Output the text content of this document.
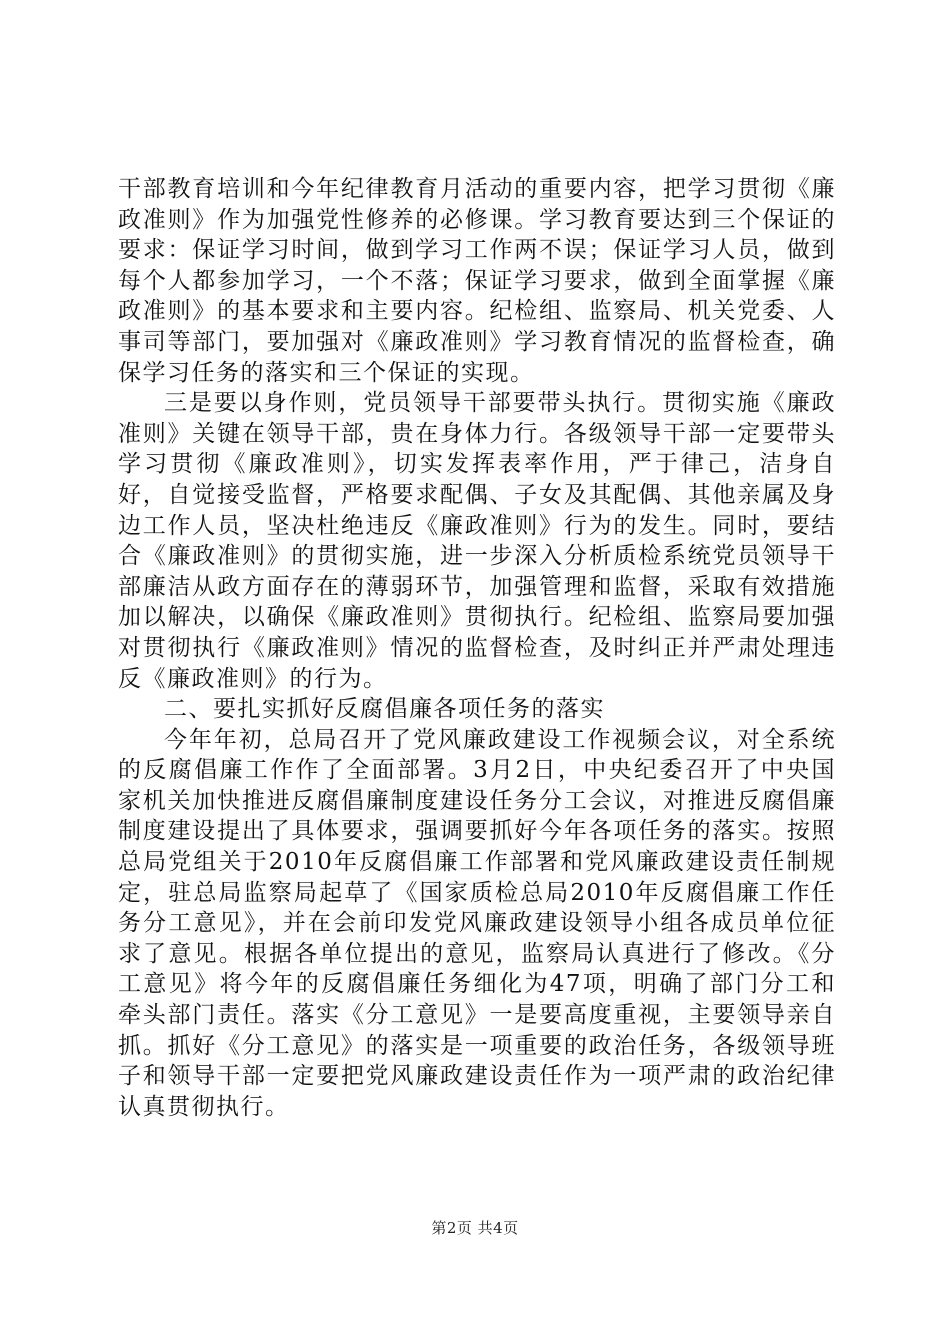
干部教育培训和今年纪律教育月活动的重要内容，把学习贯彻《廉政准则》作为加强党性修养的必修课。学习教育要达到三个保证的要求：保证学习时间，做到学习工作两不误；保证学习人员，做到每个人都参加学习，一个不落；保证学习要求，做到全面掌握《廉政准则》的基本要求和主要内容。纪检组、监察局、机关党委、人事司等部门，要加强对《廉政准则》学习教育情况的监督检查，确保学习任务的落实和三个保证的实现。

三是要以身作则，党员领导干部要带头执行。贯彻实施《廉政准则》关键在领导干部，贵在身体力行。各级领导干部一定要带头学习贯彻《廉政准则》，切实发挥表率作用，严于律己，洁身自好，自觉接受监督，严格要求配偶、子女及其配偶、其他亲属及身边工作人员，坚决杜绝违反《廉政准则》行为的发生。同时，要结合《廉政准则》的贯彻实施，进一步深入分析质检系统党员领导干部廉洁从政方面存在的薄弱环节，加强管理和监督，采取有效措施加以解决，以确保《廉政准则》贯彻执行。纪检组、监察局要加强对贯彻执行《廉政准则》情况的监督检查，及时纠正并严肃处理违反《廉政准则》的行为。

二、要扎实抓好反腐倡廉各项任务的落实

今年年初，总局召开了党风廉政建设工作视频会议，对全系统的反腐倡廉工作作了全面部署。3月2日，中央纪委召开了中央国家机关加快推进反腐倡廉制度建设任务分工会议，对推进反腐倡廉制度建设提出了具体要求，强调要抓好今年各项任务的落实。按照总局党组关于2010年反腐倡廉工作部署和党风廉政建设责任制规定，驻总局监察局起草了《国家质检总局2010年反腐倡廉工作任务分工意见》，并在会前印发党风廉政建设领导小组各成员单位征求了意见。根据各单位提出的意见，监察局认真进行了修改。《分工意见》将今年的反腐倡廉任务细化为47项，明确了部门分工和牵头部门责任。落实《分工意见》一是要高度重视，主要领导亲自抓。抓好《分工意见》的落实是一项重要的政治任务，各级领导班子和领导干部一定要把党风廉政建设责任作为一项严肃的政治纪律认真贯彻执行。

第2页 共4页
